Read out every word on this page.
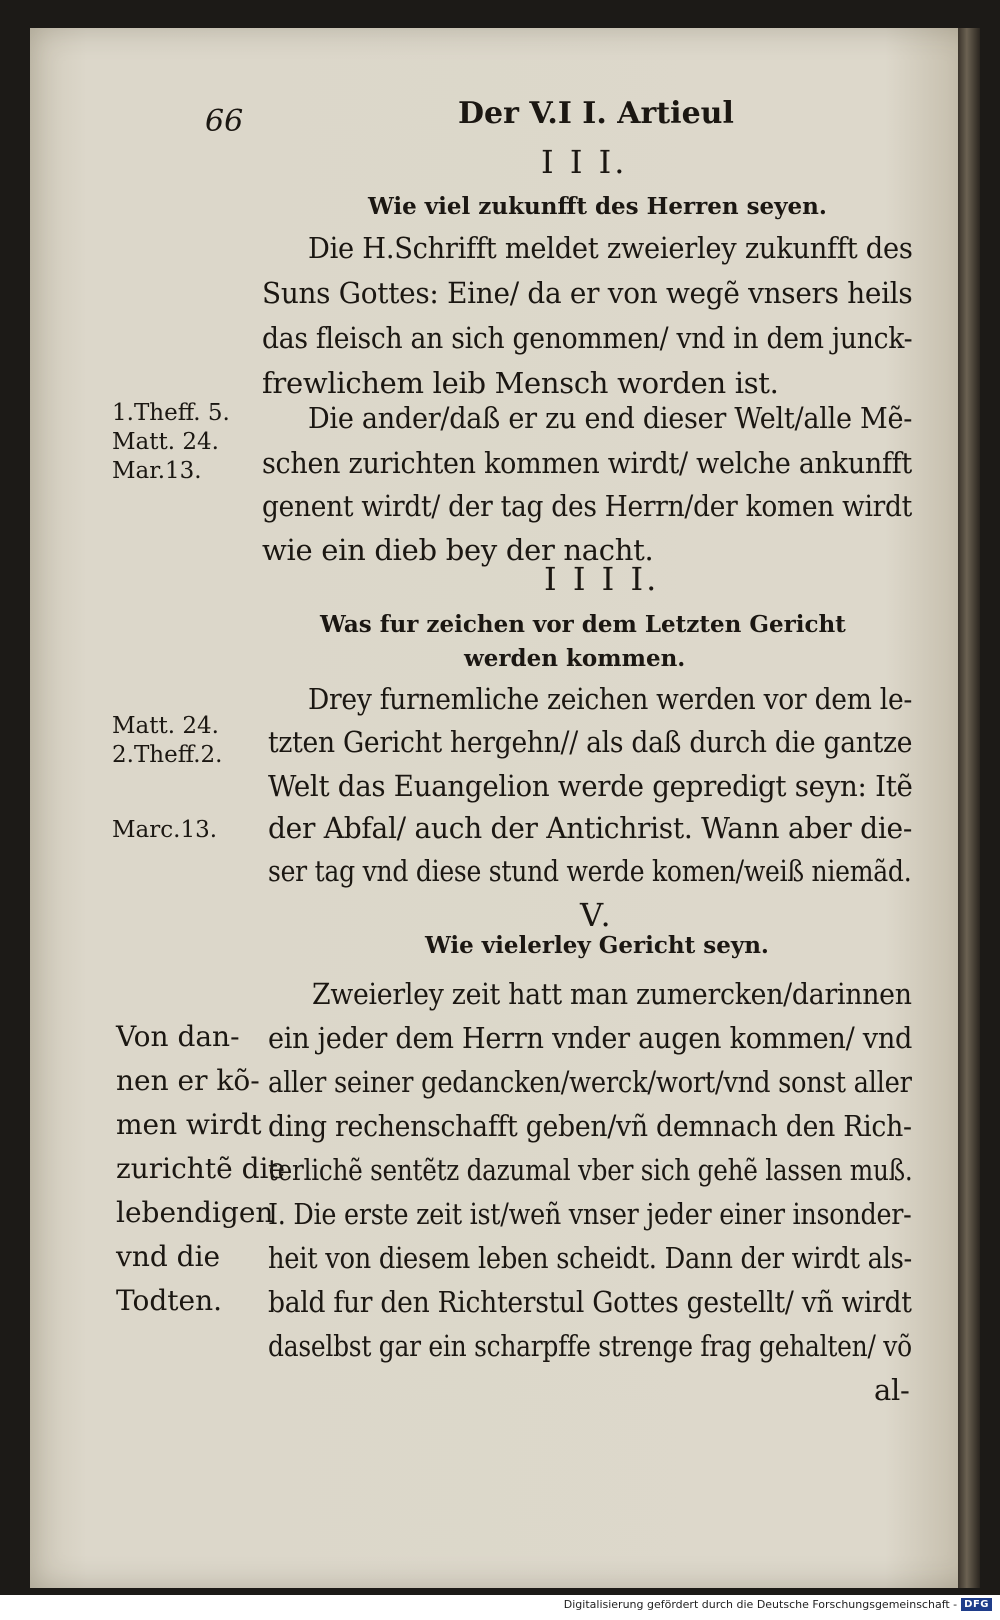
66	Der V.I I. Artieul
I I I.
Wie viel zukunfft des Herren seyen.
Die H.Schrifft meldet zweierley zukunfft des
Suns Gottes: Eine/ da er von wegẽ vnsers heils
das fleisch an sich genommen/ vnd in dem junck-
frewlichem leib Mensch worden ist.
Die ander/daß er zu end dieser Welt/alle Mẽ-
schen zurichten kommen wirdt/ welche ankunfft
genent wirdt/ der tag des Herrn/der komen wirdt
wie ein dieb bey der nacht.
1.Theff. 5.
Matt. 24.
Mar.13.
I I I I.
Was fur zeichen vor dem Letzten Gericht
werden kommen.
Drey furnemliche zeichen werden vor dem le-
tzten Gericht hergehn// als daß durch die gantze
Welt das Euangelion werde gepredigt seyn: Itẽ
der Abfal/ auch der Antichrist. Wann aber die-
ser tag vnd diese stund werde komen/weiß niemãd.
Matt. 24.
2.Theff.2.
Marc.13.
V.
Wie vielerley Gericht seyn.
Zweierley zeit hatt man zumercken/darinnen
ein jeder dem Herrn vnder augen kommen/ vnd
aller seiner gedancken/werck/wort/vnd sonst aller
ding rechenschafft geben/vñ demnach den Rich-
terlichẽ sentẽtz dazumal vber sich gehẽ lassen muß.
I. Die erste zeit ist/weñ vnser jeder einer insonder-
heit von diesem leben scheidt. Dann der wirdt als-
bald fur den Richterstul Gottes gestellt/ vñ wirdt
daselbst gar ein scharpffe strenge frag gehalten/ võ
al-
Von dan-
nen er kõ-
men wirdt
zurichtẽ die
lebendigen
vnd die
Todten.
Digitalisierung gefördert durch die Deutsche Forschungsgemeinschaft - DFG
